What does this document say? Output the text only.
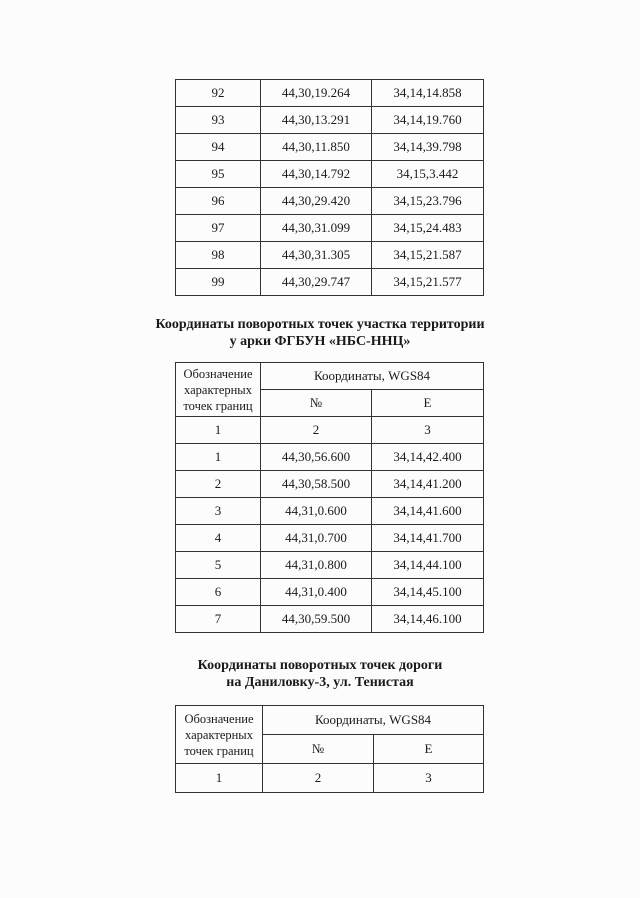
92	44,30,19.264	34,14,14.858
93	44,30,13.291	34,14,19.760
94	44,30,11.850	34,14,39.798
95	44,30,14.792	34,15,3.442
96	44,30,29.420	34,15,23.796
97	44,30,31.099	34,15,24.483
98	44,30,31.305	34,15,21.587
99	44,30,29.747	34,15,21.577
Координаты поворотных точек участка территории
у арки ФГБУН «НБС-ННЦ»
Обозначение характерных точек границ	Координаты, WGS84	
	№	Е
1	2	3
1	44,30,56.600	34,14,42.400
2	44,30,58.500	34,14,41.200
3	44,31,0.600	34,14,41.600
4	44,31,0.700	34,14,41.700
5	44,31,0.800	34,14,44.100
6	44,31,0.400	34,14,45.100
7	44,30,59.500	34,14,46.100
Координаты поворотных точек дороги
на Даниловку-3, ул. Тенистая
Обозначение характерных точек границ	Координаты, WGS84	
	№	Е
1	2	3
